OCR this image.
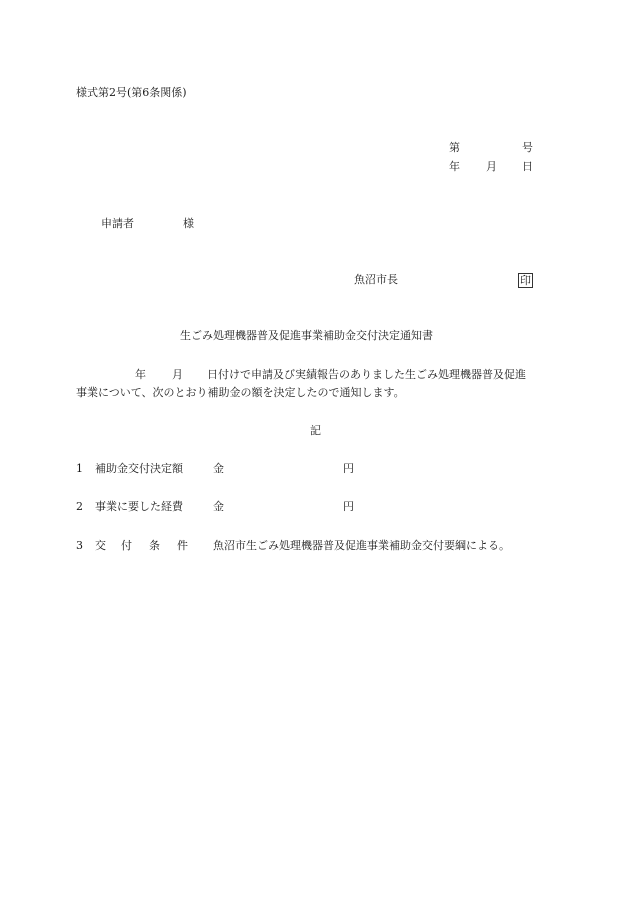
様式第2号(第6条関係)
第	号
年 月 日
申請者	様
魚沼市長	印
生ごみ処理機器普及促進事業補助金交付決定通知書
年 月 日付けで申請及び実績報告のありました生ごみ処理機器普及促進
事業について、次のとおり補助金の額を決定したので通知します。
記
1 補助金交付決定額	金	円
2 事業に要した経費	金	円
3 交 付 条 件 魚沼市生ごみ処理機器普及促進事業補助金交付要綱による。
